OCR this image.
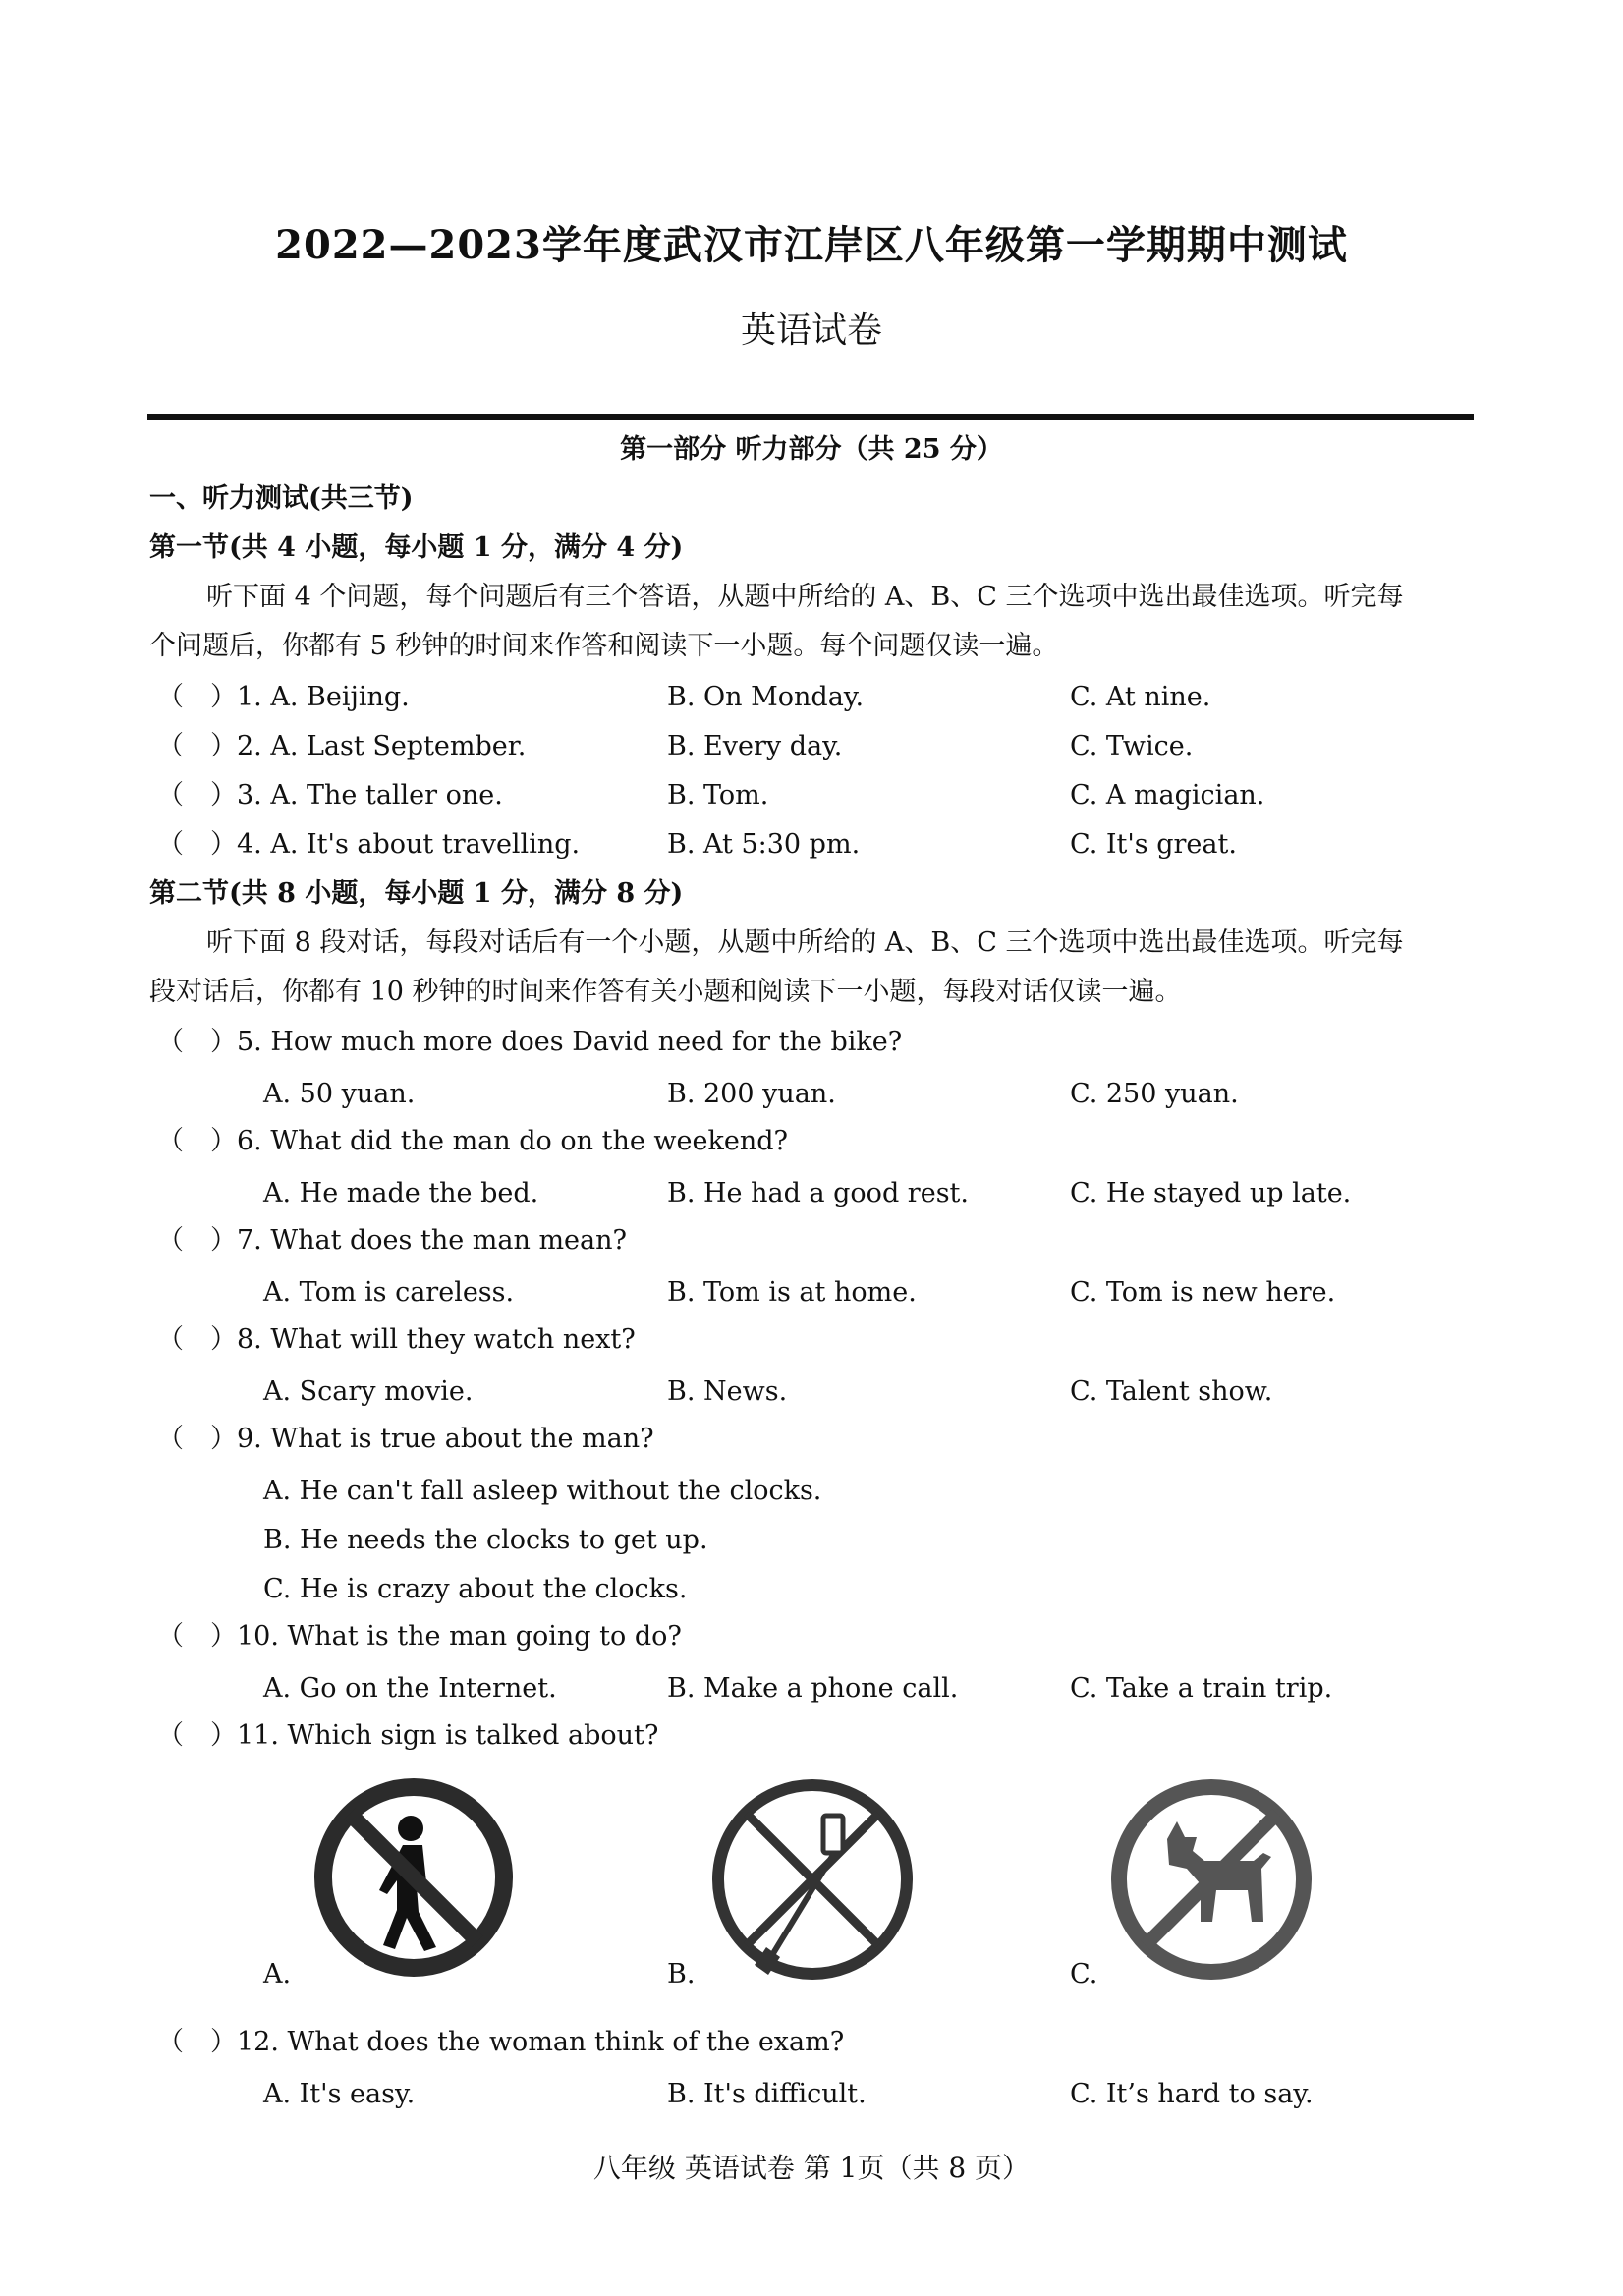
2022—2023学年度武汉市江岸区八年级第一学期期中测试
英语试卷
第一部分 听力部分（共 25 分）
一、听力测试(共三节)
第一节(共 4 小题，每小题 1 分，满分 4 分)
听下面 4 个问题，每个问题后有三个答语，从题中所给的 A、B、C 三个选项中选出最佳选项。听完每
个问题后，你都有 5 秒钟的时间来作答和阅读下一小题。每个问题仅读一遍。
（ ）1. A. Beijing.	B. On Monday.	C. At nine.
（ ）2. A. Last September.	B. Every day.	C. Twice.
（ ）3. A. The taller one.	B. Tom.	C. A magician.
（ ）4. A. It's about travelling.	B. At 5:30 pm.	C. It's great.
第二节(共 8 小题，每小题 1 分，满分 8 分)
听下面 8 段对话，每段对话后有一个小题，从题中所给的 A、B、C 三个选项中选出最佳选项。听完每
段对话后，你都有 10 秒钟的时间来作答有关小题和阅读下一小题，每段对话仅读一遍。
（ ）5. How much more does David need for the bike?
A. 50 yuan.	B. 200 yuan.	C. 250 yuan.
（ ）6. What did the man do on the weekend?
A. He made the bed.	B. He had a good rest.	C. He stayed up late.
（ ）7. What does the man mean?
A. Tom is careless.	B. Tom is at home.	C. Tom is new here.
（ ）8. What will they watch next?
A. Scary movie.	B. News.	C. Talent show.
（ ）9. What is true about the man?
A. He can't fall asleep without the clocks.
B. He needs the clocks to get up.
C. He is crazy about the clocks.
（ ）10. What is the man going to do?
A. Go on the Internet.	B. Make a phone call.	C. Take a train trip.
（ ）11. Which sign is talked about?
A.	B.	C.
（ ）12. What does the woman think of the exam?
A. It's easy.	B. It's difficult.	C. It’s hard to say.
八年级 英语试卷 第 1页（共 8 页）
